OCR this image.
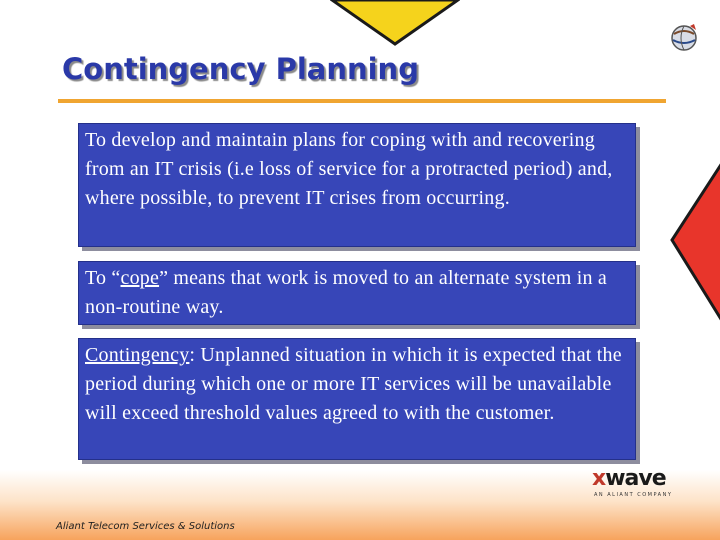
Contingency Planning

To develop and maintain plans for coping with and recovering from an IT crisis (i.e loss of service for a protracted period) and, where possible, to prevent IT crises from occurring.

To “cope” means that work is moved to an alternate system in a non-routine way.

Contingency: Unplanned situation in which it is expected that the period during which one or more IT services will be unavailable will exceed threshold values agreed to with the customer.

xwave
AN ALIANT COMPANY
Aliant Telecom Services & Solutions
